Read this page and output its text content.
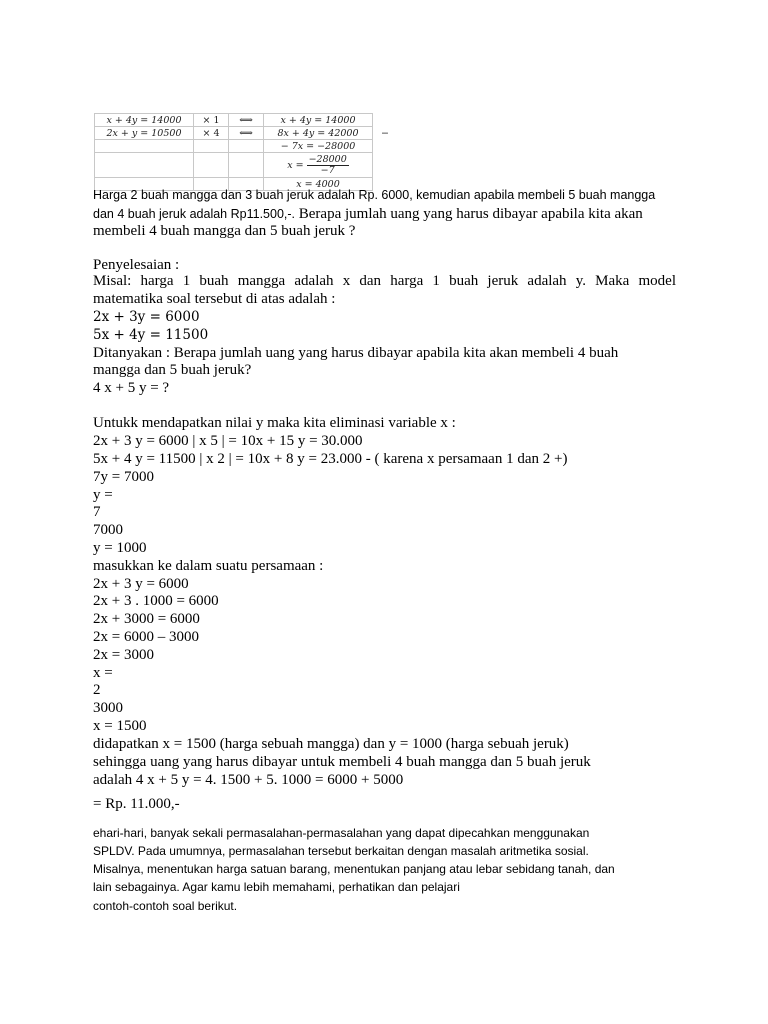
x + 4y = 14000	× 1	⟺	x + 4y = 14000	
2x + y = 10500	× 4	⟺	8x + 4y = 42000	−
			− 7x = −28000	
			$x = \frac{-28000}{-7}$

			x = 4000	
Harga 2 buah mangga dan 3 buah jeruk adalah Rp. 6000, kemudian apabila membeli 5 buah mangga
dan 4 buah jeruk adalah Rp11.500,-. Berapa jumlah uang yang harus dibayar apabila kita akan
membeli 4 buah mangga dan 5 buah jeruk ?
Penyelesaian :
Misal: harga 1 buah mangga adalah x dan harga 1 buah jeruk adalah y. Maka model
matematika soal tersebut di atas adalah :
2x + 3y = 6000
5x + 4y = 11500
Ditanyakan : Berapa jumlah uang yang harus dibayar apabila kita akan membeli 4 buah
mangga dan 5 buah jeruk?
4 x + 5 y = ?
Untukk mendapatkan nilai y maka kita eliminasi variable x :
2x + 3 y = 6000 | x 5 | = 10x + 15 y = 30.000
5x + 4 y = 11500 | x 2 | = 10x + 8 y = 23.000 - ( karena x persamaan 1 dan 2 +)
7y = 7000
y =
7
7000
y = 1000
masukkan ke dalam suatu persamaan :
2x + 3 y = 6000
2x + 3 . 1000 = 6000
2x + 3000 = 6000
2x = 6000 – 3000
2x = 3000
x =
2
3000
x = 1500
didapatkan x = 1500 (harga sebuah mangga) dan y = 1000 (harga sebuah jeruk)
sehingga uang yang harus dibayar untuk membeli 4 buah mangga dan 5 buah jeruk
adalah 4 x + 5 y = 4. 1500 + 5. 1000 = 6000 + 5000
= Rp. 11.000,-
ehari-hari, banyak sekali permasalahan-permasalahan yang dapat dipecahkan menggunakan
SPLDV. Pada umumnya, permasalahan tersebut berkaitan dengan masalah aritmetika sosial.
Misalnya, menentukan harga satuan barang, menentukan panjang atau lebar sebidang tanah, dan
lain sebagainya. Agar kamu lebih memahami, perhatikan dan pelajari
contoh-contoh soal berikut.
